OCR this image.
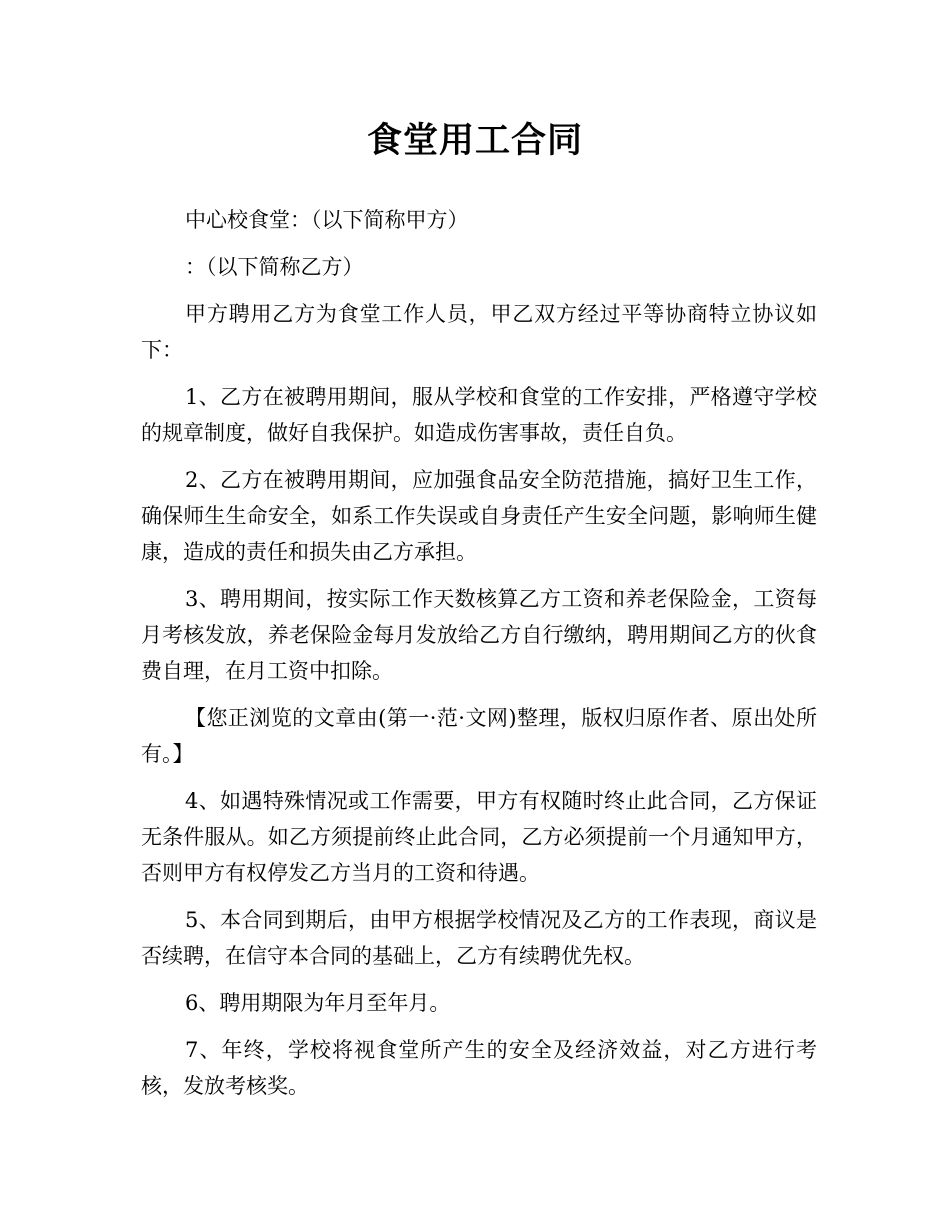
食堂用工合同

中心校食堂：（以下简称甲方）

：（以下简称乙方）

甲方聘用乙方为食堂工作人员，甲乙双方经过平等协商特立协议如下：

1、乙方在被聘用期间，服从学校和食堂的工作安排，严格遵守学校的规章制度，做好自我保护。如造成伤害事故，责任自负。

2、乙方在被聘用期间，应加强食品安全防范措施，搞好卫生工作，确保师生生命安全，如系工作失误或自身责任产生安全问题，影响师生健康，造成的责任和损失由乙方承担。

3、聘用期间，按实际工作天数核算乙方工资和养老保险金，工资每月考核发放，养老保险金每月发放给乙方自行缴纳，聘用期间乙方的伙食费自理，在月工资中扣除。

【您正浏览的文章由(第一·范·文网)整理，版权归原作者、原出处所有。】

4、如遇特殊情况或工作需要，甲方有权随时终止此合同，乙方保证无条件服从。如乙方须提前终止此合同，乙方必须提前一个月通知甲方，否则甲方有权停发乙方当月的工资和待遇。

5、本合同到期后，由甲方根据学校情况及乙方的工作表现，商议是否续聘，在信守本合同的基础上，乙方有续聘优先权。

6、聘用期限为年月至年月。

7、年终，学校将视食堂所产生的安全及经济效益，对乙方进行考核，发放考核奖。
